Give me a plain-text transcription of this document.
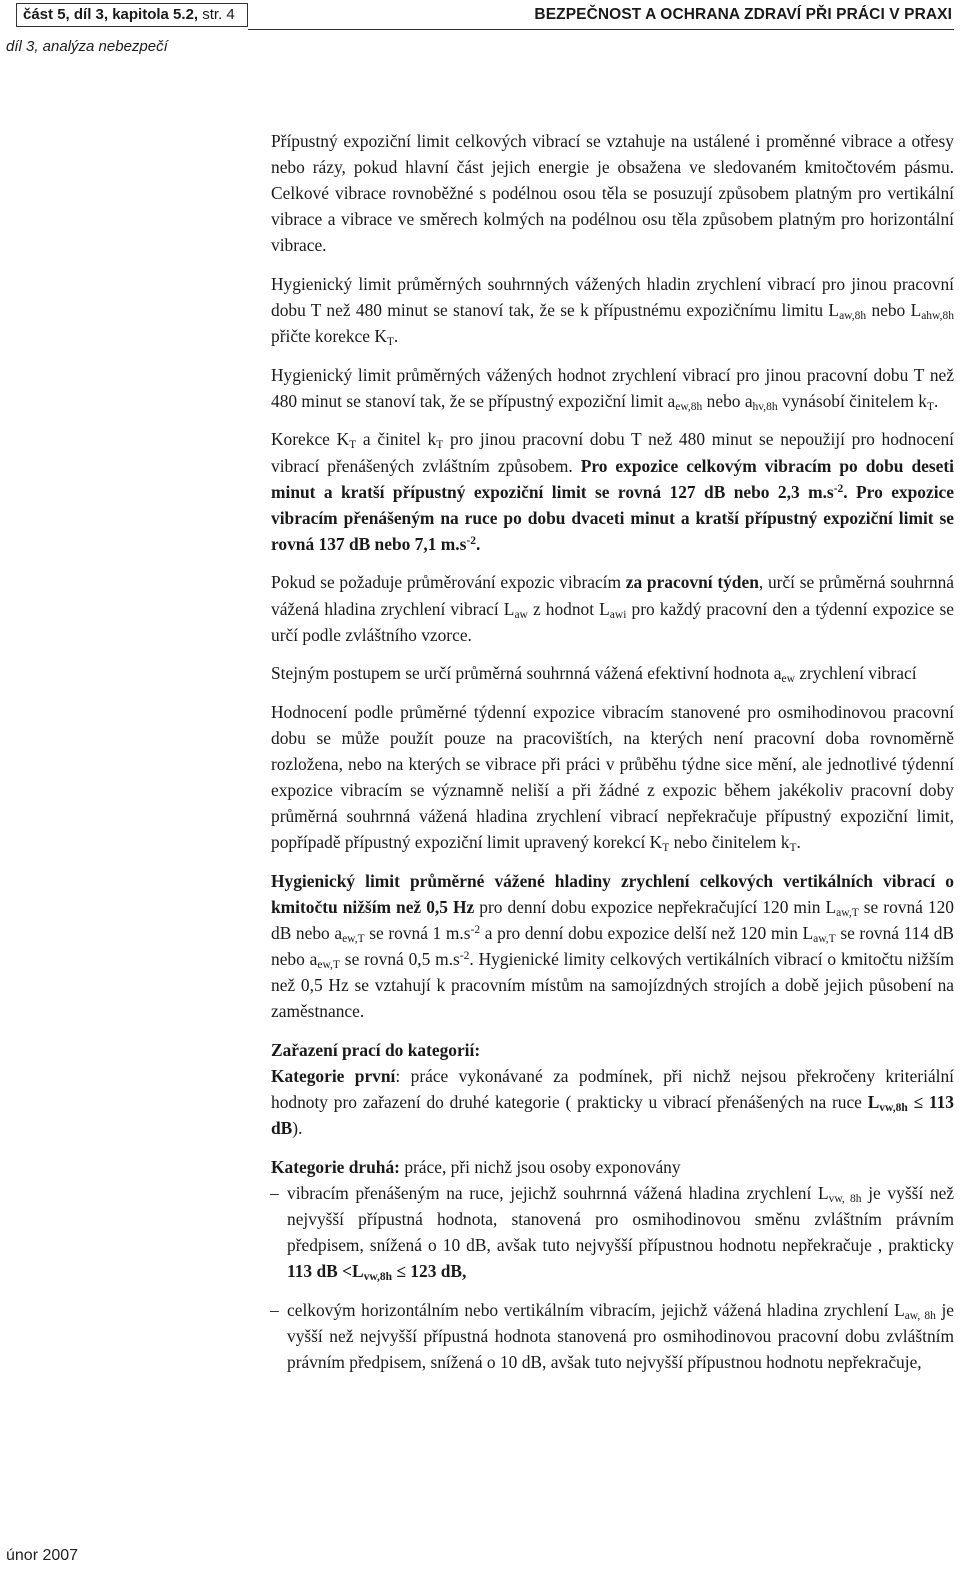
část 5, díl 3, kapitola 5.2, str. 4	BEZPEČNOST A OCHRANA ZDRAVÍ PŘI PRÁCI V PRAXI
díl 3, analýza nebezpečí

Přípustný expoziční limit celkových vibrací se vztahuje na ustálené i proměnné vibrace a otřesy nebo rázy, pokud hlavní část jejich energie je obsažena ve sledovaném kmitočtovém pásmu. Celkové vibrace rovnoběžné s podélnou osou těla se posuzují způsobem platným pro vertikální vibrace a vibrace ve směrech kolmých na podélnou osu těla způsobem platným pro horizontální vibrace.

Hygienický limit průměrných souhrnných vážených hladin zrychlení vibrací pro jinou pracovní dobu T než 480 minut se stanoví tak, že se k přípustnému expozičnímu limitu $L_{aw,8h}$ nebo $L_{ahw,8h}$ přičte korekce $K_T$.

Hygienický limit průměrných vážených hodnot zrychlení vibrací pro jinou pracovní dobu T než 480 minut se stanoví tak, že se přípustný expoziční limit $a_{ew,8h}$ nebo $a_{hv,8h}$ vynásobí činitelem $k_T$.

Korekce $K_T$ a činitel $k_T$ pro jinou pracovní dobu T než 480 minut se nepoužijí pro hodnocení vibrací přenášených zvláštním způsobem. Pro expozice celkovým vibracím po dobu deseti minut a kratší přípustný expoziční limit se rovná 127 dB nebo 2,3 $m.s^{-2}$. Pro expozice vibracím přenášeným na ruce po dobu dvaceti minut a kratší přípustný expoziční limit se rovná 137 dB nebo 7,1 $m.s^{-2}$.

Pokud se požaduje průměrování expozic vibracím za pracovní týden, určí se průměrná souhrnná vážená hladina zrychlení vibrací $L_{aw}$ z hodnot $L_{awi}$ pro každý pracovní den a týdenní expozice se určí podle zvláštního vzorce.

Stejným postupem se určí průměrná souhrnná vážená efektivní hodnota $a_{ew}$ zrychlení vibrací

Hodnocení podle průměrné týdenní expozice vibracím stanovené pro osmihodinovou pracovní dobu se může použít pouze na pracovištích, na kterých není pracovní doba rovnoměrně rozložena, nebo na kterých se vibrace při práci v průběhu týdne sice mění, ale jednotlivé týdenní expozice vibracím se významně neliší a při žádné z expozic během jakékoliv pracovní doby průměrná souhrnná vážená hladina zrychlení vibrací nepřekračuje přípustný expoziční limit, popřípadě přípustný expoziční limit upravený korekcí $K_T$ nebo činitelem $k_T$.

Hygienický limit průměrné vážené hladiny zrychlení celkových vertikálních vibrací o kmitočtu nižším než 0,5 Hz pro denní dobu expozice nepřekračující 120 $\min L_{aw,T}$ se rovná 120 dB nebo $a_{ew,T}$ se rovná 1 $m.s^{-2}$ a pro denní dobu expozice delší než 120 $\min L_{aw,T}$ se rovná 114 dB nebo $a_{ew,T}$ se rovná 0,5 $m.s^{-2}$. Hygienické limity celkových vertikálních vibrací o kmitočtu nižším než 0,5 Hz se vztahují k pracovním místům na samojízdných strojích a době jejich působení na zaměstnance.

Zařazení prací do kategorií:

Kategorie první: práce vykonávané za podmínek, při nichž nejsou překročeny kriteriální hodnoty pro zařazení do druhé kategorie ( prakticky u vibrací přenášených na ruce $L_{vw,8h} \le 113$ dB).

Kategorie druhá: práce, při nichž jsou osoby exponovány

– vibracím přenášeným na ruce, jejichž souhrnná vážená hladina zrychlení $L_{vw, 8h}$ je vyšší než nejvyšší přípustná hodnota, stanovená pro osmihodinovou směnu zvláštním právním předpisem, snížená o 10 dB, avšak tuto nejvyšší přípustnou hodnotu nepřekračuje , prakticky 113 dB $<L_{vw,8h} \le 123$ dB,

– celkovým horizontálním nebo vertikálním vibracím, jejichž vážená hladina zrychlení $L_{aw, 8h}$ je vyšší než nejvyšší přípustná hodnota stanovená pro osmihodinovou pracovní dobu zvláštním právním předpisem, snížená o 10 dB, avšak tuto nejvyšší přípustnou hodnotu nepřekračuje,

únor 2007
